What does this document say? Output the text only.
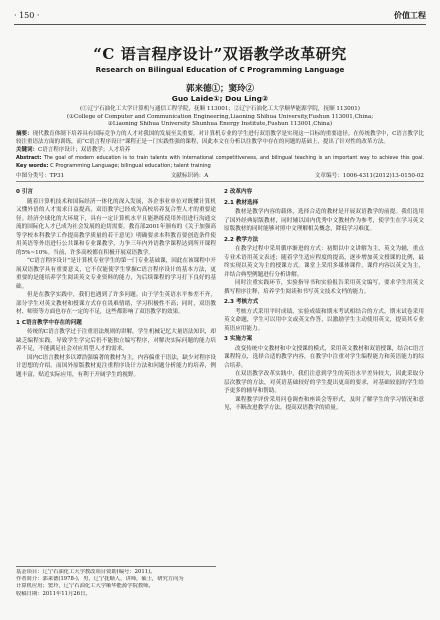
· 150 ·	价值工程
“C 语言程序设计”双语教学改革研究
Research on Bilingual Education of C Programming Language
郭来德①；窦玲②
Guo Laide①; Dou Ling②
(①辽宁石油化工大学计算机与通信工程学院，抚顺 113001；②辽宁石油化工大学顺华能源学院，抚顺 113001)
(①College of Computer and Communication Engineering,Liaoning Shihua University,Fushun 113001,China;
②Liaoning Shihua University Shunhua Energy Institute,Fushun 113001,China)
摘要：现代教育体制下培养具有国际竞争力的人才对我国的发展至关重要，对计算机专业的学生进行双语教学是实现这一目标的重要途径。在传统教学中，C语言教学比较注重语法方面的训练，而“C语言程序设计”课程正是一门实践性强的课程，因此本文在分析以往教学中存在的问题的基础上，提出了针对性的改革方法。
关键词：C语言程序设计；双语教学；人才培养
Abstract: The goal of modern education is to train talents with international competitiveness, and bilingual teaching is an important way to achieve this goal.
Key words: C Programming Language; bilingual education; talent training
中图分类号：TP31	文献标识码：A	文章编号：1006-4311(2012)13-0150-02
0 引言

随着计算机技术和国际经济一体化的深入发展，各企事业单位对既懂计算机又懂外语的人才需求日益提高，双语教学已经成为高校培养复合型人才的重要途径。经济全球化的大环境下，具有一定计算机水平且能熟练使用外语进行沟通交流的国际化人才已成为社会发展的迫切需要。教育部2001年颁布的《关于加强高等学校本科教学工作提高教学质量的若干意见》明确要求本科教育要创造条件使用英语等外语进行公共课和专业课教学，力争三年内外语教学课程达到所开课程的5%~10%。当前，许多高校都在积极开展双语教学。

“C语言程序设计”是计算机专业学生的第一门专业基础课，因此在该课程中开展双语教学具有重要意义，它不仅能使学生掌握C语言程序设计的基本方法，更重要的是能培养学生阅读英文专业资料的能力，为后续课程的学习打下良好的基础。

但是在教学实践中，我们也遇到了许多问题。由于学生英语水平参差不齐，部分学生对英文教材和授课方式存在畏难情绪，学习积极性不高；同时，双语教材、师资等方面也存在一定的不足，这些都影响了双语教学的效果。

1 C语言教学中存在的问题

传统的C语言教学过于注重语法规则的讲解，学生机械记忆大量语法知识，却缺乏编程实践，导致学生学完后仍不能独立编写程序，对解决实际问题的能力培养不足，不能满足社会对应用型人才的需求。

国内C语言教材多以谭浩强编著的教材为主，内容偏重于语法，缺少对程序设计思想的介绍。而国外原版教材更注重程序设计方法和问题分析能力的培养，例题丰富，贴近实际应用，有利于开阔学生的视野。

2 改革内容
2.1 教材选择

教材是教学内容的载体，选择合适的教材是开展双语教学的前提。我们选用了国外经典原版教材，同时辅以国内优秀中文教材作为参考，使学生在学习英文原版教材的同时能够对照中文理解相关概念，降低学习难度。

2.2 教学方法

在教学过程中采用循序渐进的方式：初期以中文讲解为主，英文为辅，重点专业术语用英文表述；随着学生适应程度的提高，逐步增加英文授课的比例，最终实现以英文为主的授课方式。课堂上采用多媒体课件，课件内容以英文为主，并结合典型例题进行分析讲解。

同时注重实践环节，实验指导书和实验报告采用英文编写，要求学生用英文撰写程序注释，培养学生阅读和书写英文技术文档的能力。

2.3 考核方式

考核方式采用平时成绩、实验成绩和期末考试相结合的方式，期末试卷采用英文命题，学生可以用中文或英文作答，以激励学生主动使用英文，提高其专业英语应用能力。

3 实施方案

改变传统中文教材和中文授课的模式，采用英文教材和双语授课，结合C语言课程特点，选择合适的教学内容，在教学中注重对学生编程能力和英语能力的综合培养。

在双语教学改革实践中，我们注意到学生的英语水平差异较大，因此采取分层次教学的方法，对英语基础较好的学生提出更高的要求，对基础较弱的学生给予更多的辅导和帮助。

课程教学评价采用问卷调查和座谈会等形式，及时了解学生的学习情况和意见，不断改进教学方法，提高双语教学的质量。

基金项目：辽宁石油化工大学教改项目资助(编号：2011)。
作者简介：郭来德(1978-)，男，辽宁抚顺人，讲师，硕士，研究方向为
计算机应用；窦玲，辽宁石油化工大学顺华能源学院教师。
收稿日期：2011年11月26日。
